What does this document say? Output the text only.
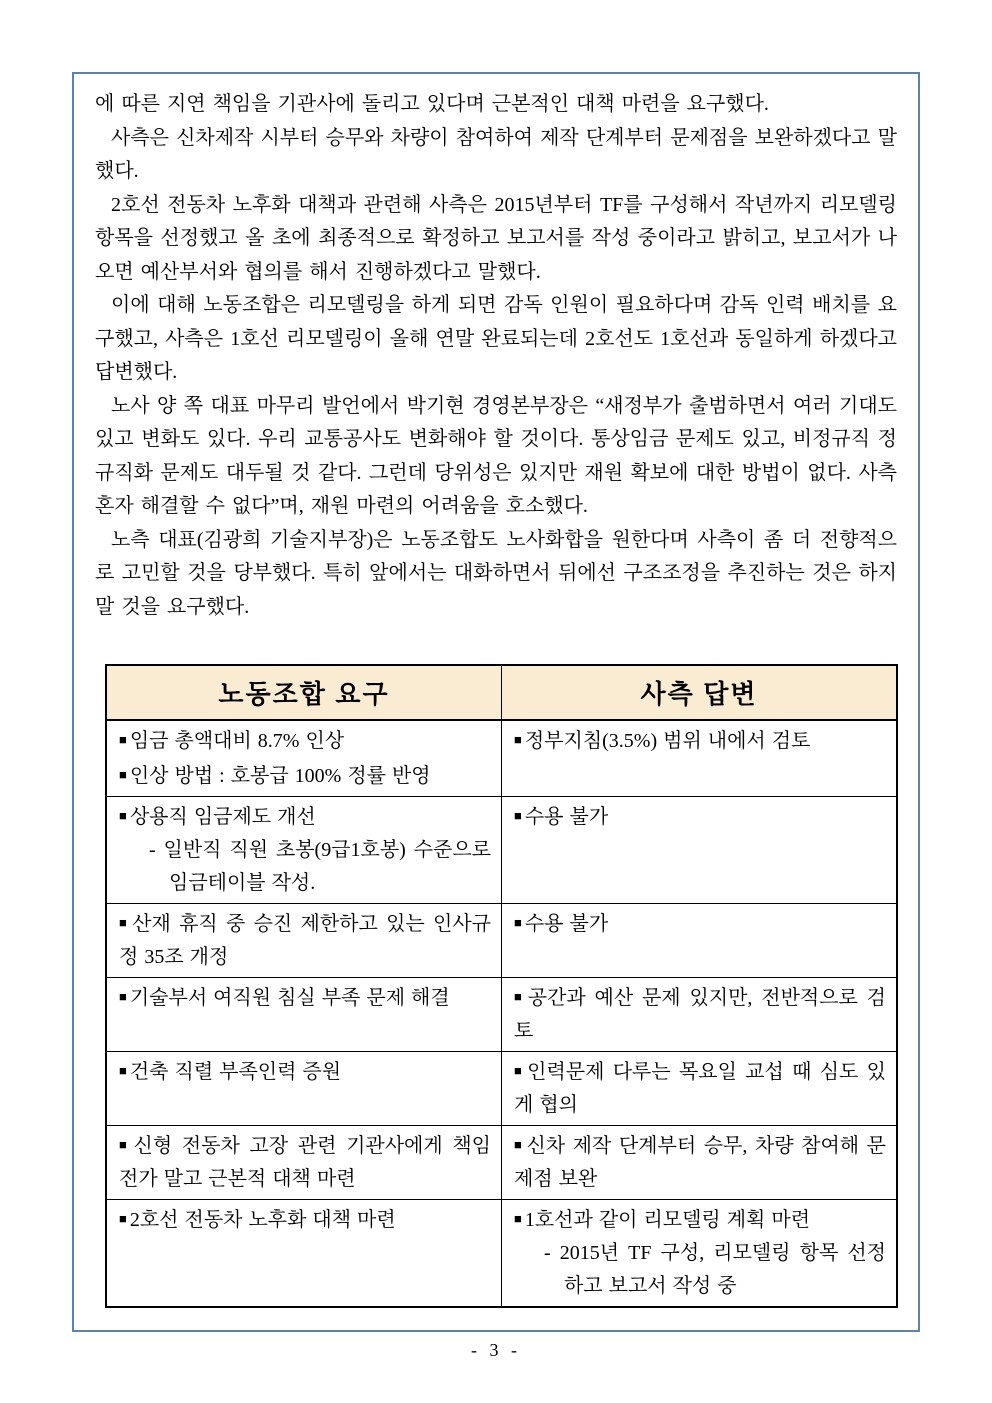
에 따른 지연 책임을 기관사에 돌리고 있다며 근본적인 대책 마련을 요구했다.

사측은 신차제작 시부터 승무와 차량이 참여하여 제작 단계부터 문제점을 보완하겠다고 말했다.

2호선 전동차 노후화 대책과 관련해 사측은 2015년부터 TF를 구성해서 작년까지 리모델링 항목을 선정했고 올 초에 최종적으로 확정하고 보고서를 작성 중이라고 밝히고, 보고서가 나오면 예산부서와 협의를 해서 진행하겠다고 말했다.

이에 대해 노동조합은 리모델링을 하게 되면 감독 인원이 필요하다며 감독 인력 배치를 요구했고, 사측은 1호선 리모델링이 올해 연말 완료되는데 2호선도 1호선과 동일하게 하겠다고 답변했다.

노사 양 쪽 대표 마무리 발언에서 박기현 경영본부장은 “새정부가 출범하면서 여러 기대도 있고 변화도 있다. 우리 교통공사도 변화해야 할 것이다. 통상임금 문제도 있고, 비정규직 정규직화 문제도 대두될 것 같다. 그런데 당위성은 있지만 재원 확보에 대한 방법이 없다. 사측 혼자 해결할 수 없다”며, 재원 마련의 어려움을 호소했다.

노측 대표(김광희 기술지부장)은 노동조합도 노사화합을 원한다며 사측이 좀 더 전향적으로 고민할 것을 당부했다. 특히 앞에서는 대화하면서 뒤에선 구조조정을 추진하는 것은 하지 말 것을 요구했다.

노동조합 요구	사측 답변

■ 임금 총액대비 8.7% 인상
■ 인상 방법 : 호봉급 100% 정률 반영	■ 정부지침(3.5%) 범위 내에서 검토

■ 상용직 임금제도 개선
- 일반직 직원 초봉(9급1호봉) 수준으로 임금테이블 작성.	■ 수용 불가

■ 산재 휴직 중 승진 제한하고 있는 인사규정 35조 개정	■ 수용 불가

■ 기술부서 여직원 침실 부족 문제 해결	■ 공간과 예산 문제 있지만, 전반적으로 검토

■ 건축 직렬 부족인력 증원	■ 인력문제 다루는 목요일 교섭 때 심도 있게 협의

■ 신형 전동차 고장 관련 기관사에게 책임 전가 말고 근본적 대책 마련	■ 신차 제작 단계부터 승무, 차량 참여해 문제점 보완

■ 2호선 전동차 노후화 대책 마련	■ 1호선과 같이 리모델링 계획 마련
- 2015년 TF 구성, 리모델링 항목 선정 하고 보고서 작성 중
- 3 -
